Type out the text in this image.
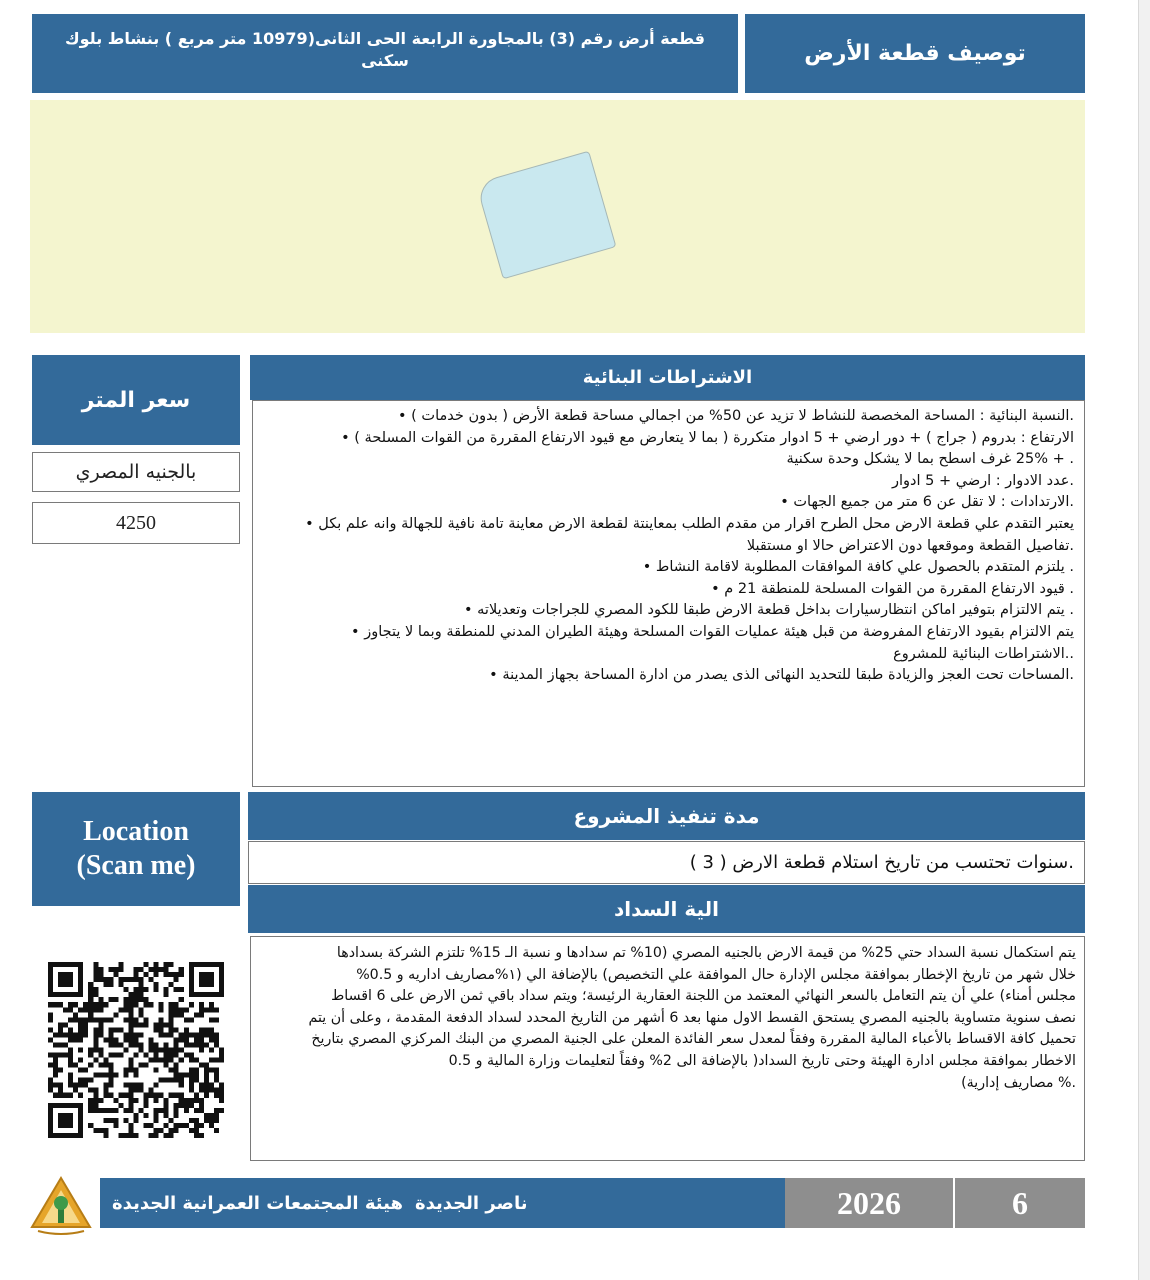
قطعة أرض رقم (3) بالمجاورة الرابعة الحى الثانى(10979 متر مربع ) بنشاط بلوك سكنى	توصيف قطعة الأرض
سعر المتر
بالجنيه المصري
4250
الاشتراطات البنائية
.النسبة البنائية : المساحة المخصصة للنشاط لا تزيد عن 50% من اجمالي مساحة قطعة الأرض ( بدون خدمات ) •
الارتفاع : بدروم ( جراج ) + دور ارضي + 5 ادوار متكررة ( بما لا يتعارض مع قيود الارتفاع المقررة من القوات المسلحة ) •
. + 25% غرف اسطح بما لا يشكل وحدة سكنية
.عدد الادوار : ارضي + 5 ادوار
.الارتدادات : لا تقل عن 6 متر من جميع الجهات •
يعتبر التقدم علي قطعة الارض محل الطرح اقرار من مقدم الطلب بمعاينتة لقطعة الارض معاينة تامة نافية للجهالة وانه علم بكل •
.تفاصيل القطعة وموقعها دون الاعتراض حالا او مستقبلا
. يلتزم المتقدم بالحصول علي كافة الموافقات المطلوبة لاقامة النشاط •
. قيود الارتفاع المقررة من القوات المسلحة للمنطقة 21 م •
. يتم الالتزام بتوفير اماكن انتظارسيارات بداخل قطعة الارض طبقا للكود المصري للجراجات وتعديلاته •
يتم الالتزام بقيود الارتفاع المفروضة من قبل هيئة عمليات القوات المسلحة وهيئة الطيران المدني للمنطقة وبما لا يتجاوز •
..الاشتراطات البنائية للمشروع
.المساحات تحت العجز والزيادة طبقا للتحديد النهائى الذى يصدر من ادارة المساحة بجهاز المدينة •
Location
(Scan me)
مدة تنفيذ المشروع
.سنوات تحتسب من تاريخ استلام قطعة الارض ( 3 )
الية السداد
يتم استكمال نسبة السداد حتي 25% من قيمة الارض بالجنيه المصري (10% تم سدادها و نسبة الـ 15% تلتزم الشركة بسدادها
خلال شهر من تاريخ الإخطار بموافقة مجلس الإدارة حال الموافقة علي التخصيص) بالإضافة الي (١%مصاريف اداريه و 0.5%
مجلس أمناء) علي أن يتم التعامل بالسعر النهائي المعتمد من اللجنة العقارية الرئيسة؛ ويتم سداد باقي ثمن الارض على 6 اقساط
نصف سنوية متساوية بالجنيه المصري يستحق القسط الاول منها بعد 6 أشهر من التاريخ المحدد لسداد الدفعة المقدمة ، وعلى أن يتم
تحميل كافة الاقساط بالأعباء المالية المقررة وفقاً لمعدل سعر الفائدة المعلن على الجنية المصري من البنك المركزي المصري بتاريخ
الاخطار بموافقة مجلس ادارة الهيئة وحتى تاريخ السداد( بالإضافة الى 2% وفقاً لتعليمات وزارة المالية و 0.5
.% مصاريف إدارية)
هيئة المجتمعات العمرانية الجديدة ناصر الجديدة	2026	6
